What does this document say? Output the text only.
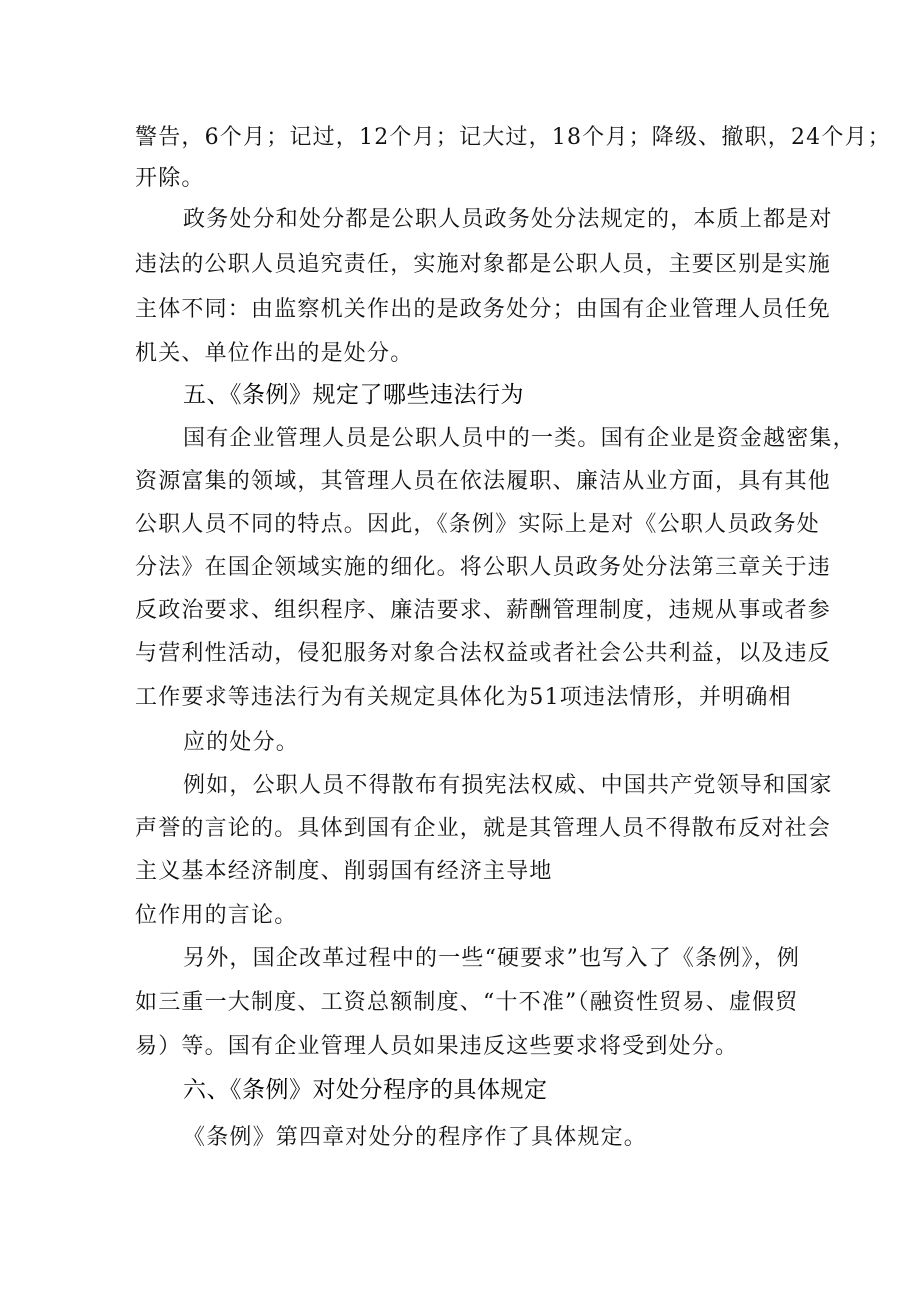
警告，6个月；记过，12个月；记大过，18个月；降级、撤职，24个月；
开除。
政务处分和处分都是公职人员政务处分法规定的，本质上都是对
违法的公职人员追究责任，实施对象都是公职人员，主要区别是实施
主体不同：由监察机关作出的是政务处分；由国有企业管理人员任免
机关、单位作出的是处分。
五、《条例》规定了哪些违法行为
国有企业管理人员是公职人员中的一类。国有企业是资金越密集，
资源富集的领域，其管理人员在依法履职、廉洁从业方面，具有其他
公职人员不同的特点。因此，《条例》实际上是对《公职人员政务处
分法》在国企领域实施的细化。将公职人员政务处分法第三章关于违
反政治要求、组织程序、廉洁要求、薪酬管理制度，违规从事或者参
与营利性活动，侵犯服务对象合法权益或者社会公共利益，以及违反
工作要求等违法行为有关规定具体化为51项违法情形，并明确相
应的处分。
例如，公职人员不得散布有损宪法权威、中国共产党领导和国家
声誉的言论的。具体到国有企业，就是其管理人员不得散布反对社会
主义基本经济制度、削弱国有经济主导地
位作用的言论。
另外，国企改革过程中的一些“硬要求”也写入了《条例》，例
如三重一大制度、工资总额制度、“十不准”（融资性贸易、虚假贸
易）等。国有企业管理人员如果违反这些要求将受到处分。
六、《条例》对处分程序的具体规定
《条例》第四章对处分的程序作了具体规定。
